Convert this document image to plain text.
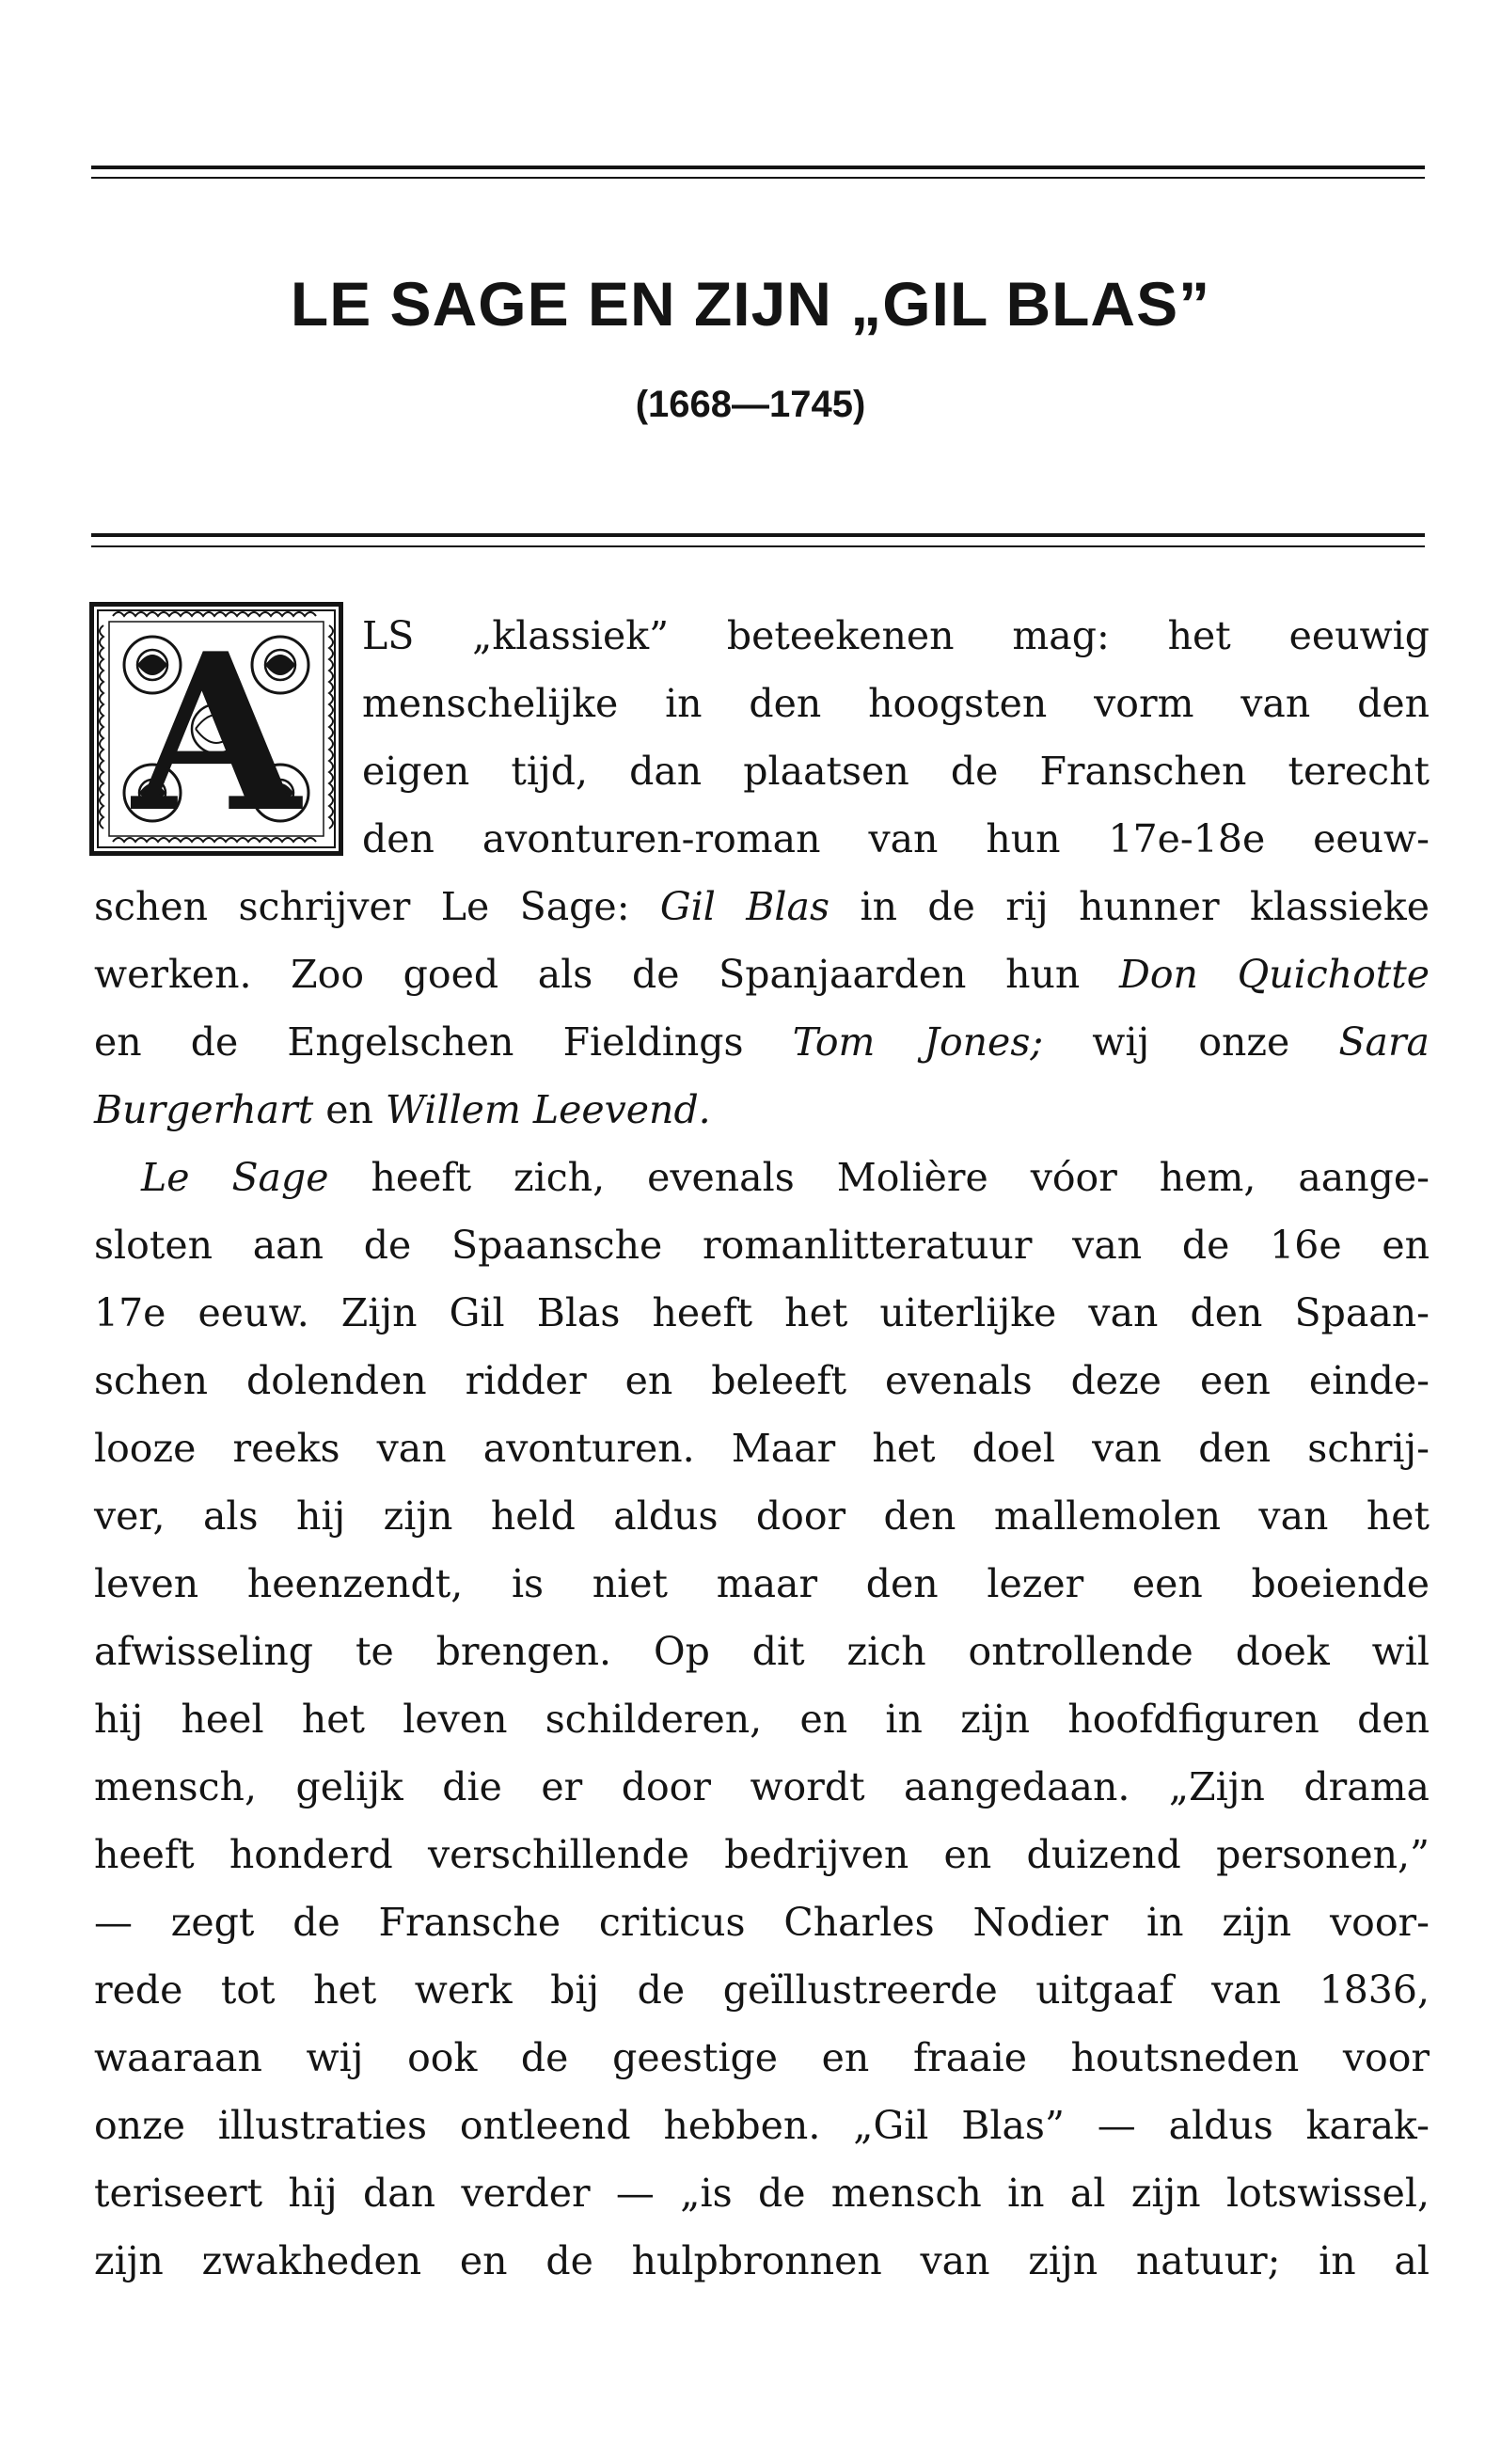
LE SAGE EN ZIJN „GIL BLAS”
(1668—1745)
A	LS „klassiek” beteekenen mag: het eeuwig

menschelijke in den hoogsten vorm van den

eigen tijd, dan plaatsen de Franschen terecht

den avonturen-roman van hun 17e-18e eeuw-

schen schrijver Le Sage: Gil Blas in de rij hunner klassieke

werken. Zoo goed als de Spanjaarden hun Don Quichotte

en de Engelschen Fieldings Tom Jones; wij onze Sara

Burgerhart en Willem Leevend.

Le Sage heeft zich, evenals Molière vóor hem, aange-

sloten aan de Spaansche romanlitteratuur van de 16e en

17e eeuw. Zijn Gil Blas heeft het uiterlijke van den Spaan-

schen dolenden ridder en beleeft evenals deze een einde-

looze reeks van avonturen. Maar het doel van den schrij-

ver, als hij zijn held aldus door den mallemolen van het

leven heenzendt, is niet maar den lezer een boeiende

afwisseling te brengen. Op dit zich ontrollende doek wil

hij heel het leven schilderen, en in zijn hoofdfiguren den

mensch, gelijk die er door wordt aangedaan. „Zijn drama

heeft honderd verschillende bedrijven en duizend personen,”

— zegt de Fransche criticus Charles Nodier in zijn voor-

rede tot het werk bij de geïllustreerde uitgaaf van 1836,

waaraan wij ook de geestige en fraaie houtsneden voor

onze illustraties ontleend hebben. „Gil Blas” — aldus karak-

teriseert hij dan verder — „is de mensch in al zijn lotswissel,

zijn zwakheden en de hulpbronnen van zijn natuur; in al
